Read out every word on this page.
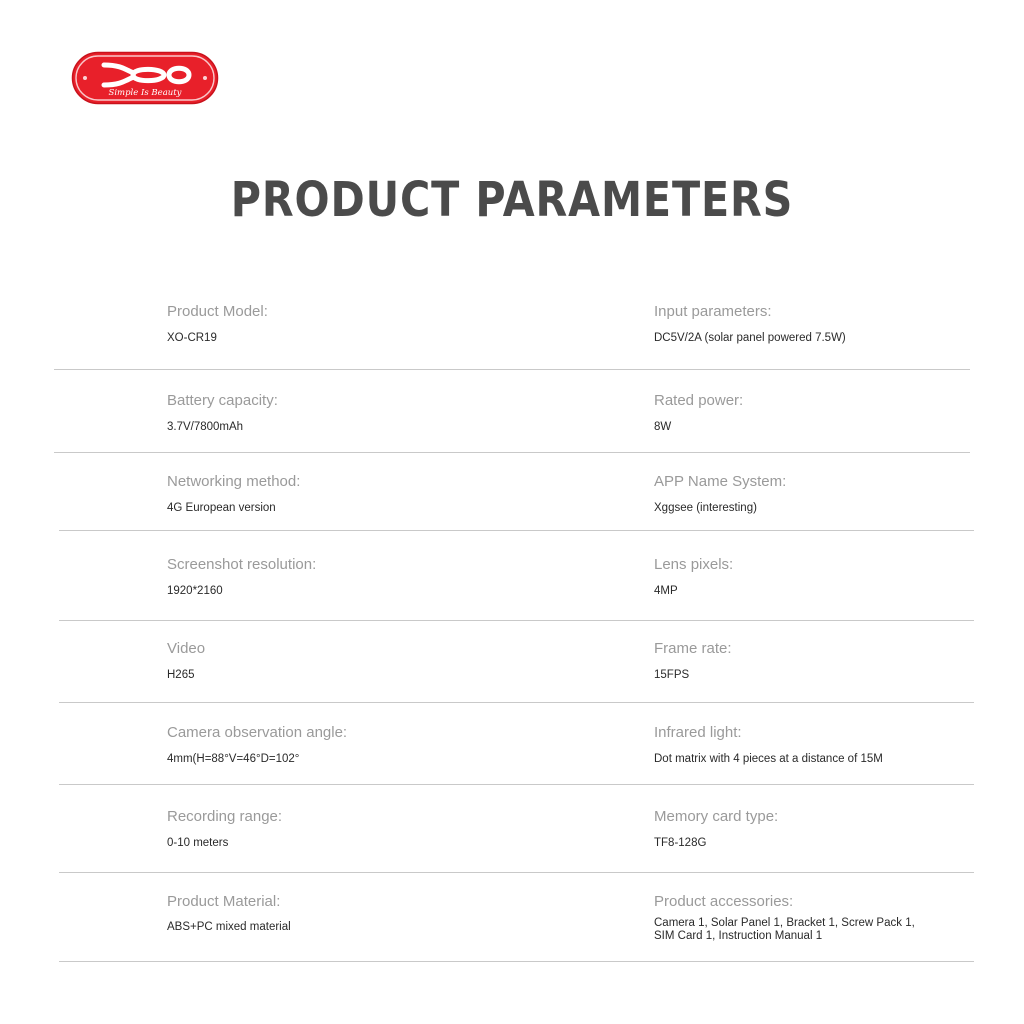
Simple Is Beauty
PRODUCT PARAMETERS
Product Model:
XO-CR19
Input parameters:
DC5V/2A (solar panel powered 7.5W)
Battery capacity:
3.7V/7800mAh
Rated power:
8W
Networking method:
4G European version
APP Name System:
Xggsee (interesting)
Screenshot resolution:
1920*2160
Lens pixels:
4MP
Video
H265
Frame rate:
15FPS
Camera observation angle:
4mm(H=88°V=46°D=102°
Infrared light:
Dot matrix with 4 pieces at a distance of 15M
Recording range:
0-10 meters
Memory card type:
TF8-128G
Product Material:
ABS+PC mixed material
Product accessories:
Camera 1, Solar Panel 1, Bracket 1, Screw Pack 1,
SIM Card 1, Instruction Manual 1
